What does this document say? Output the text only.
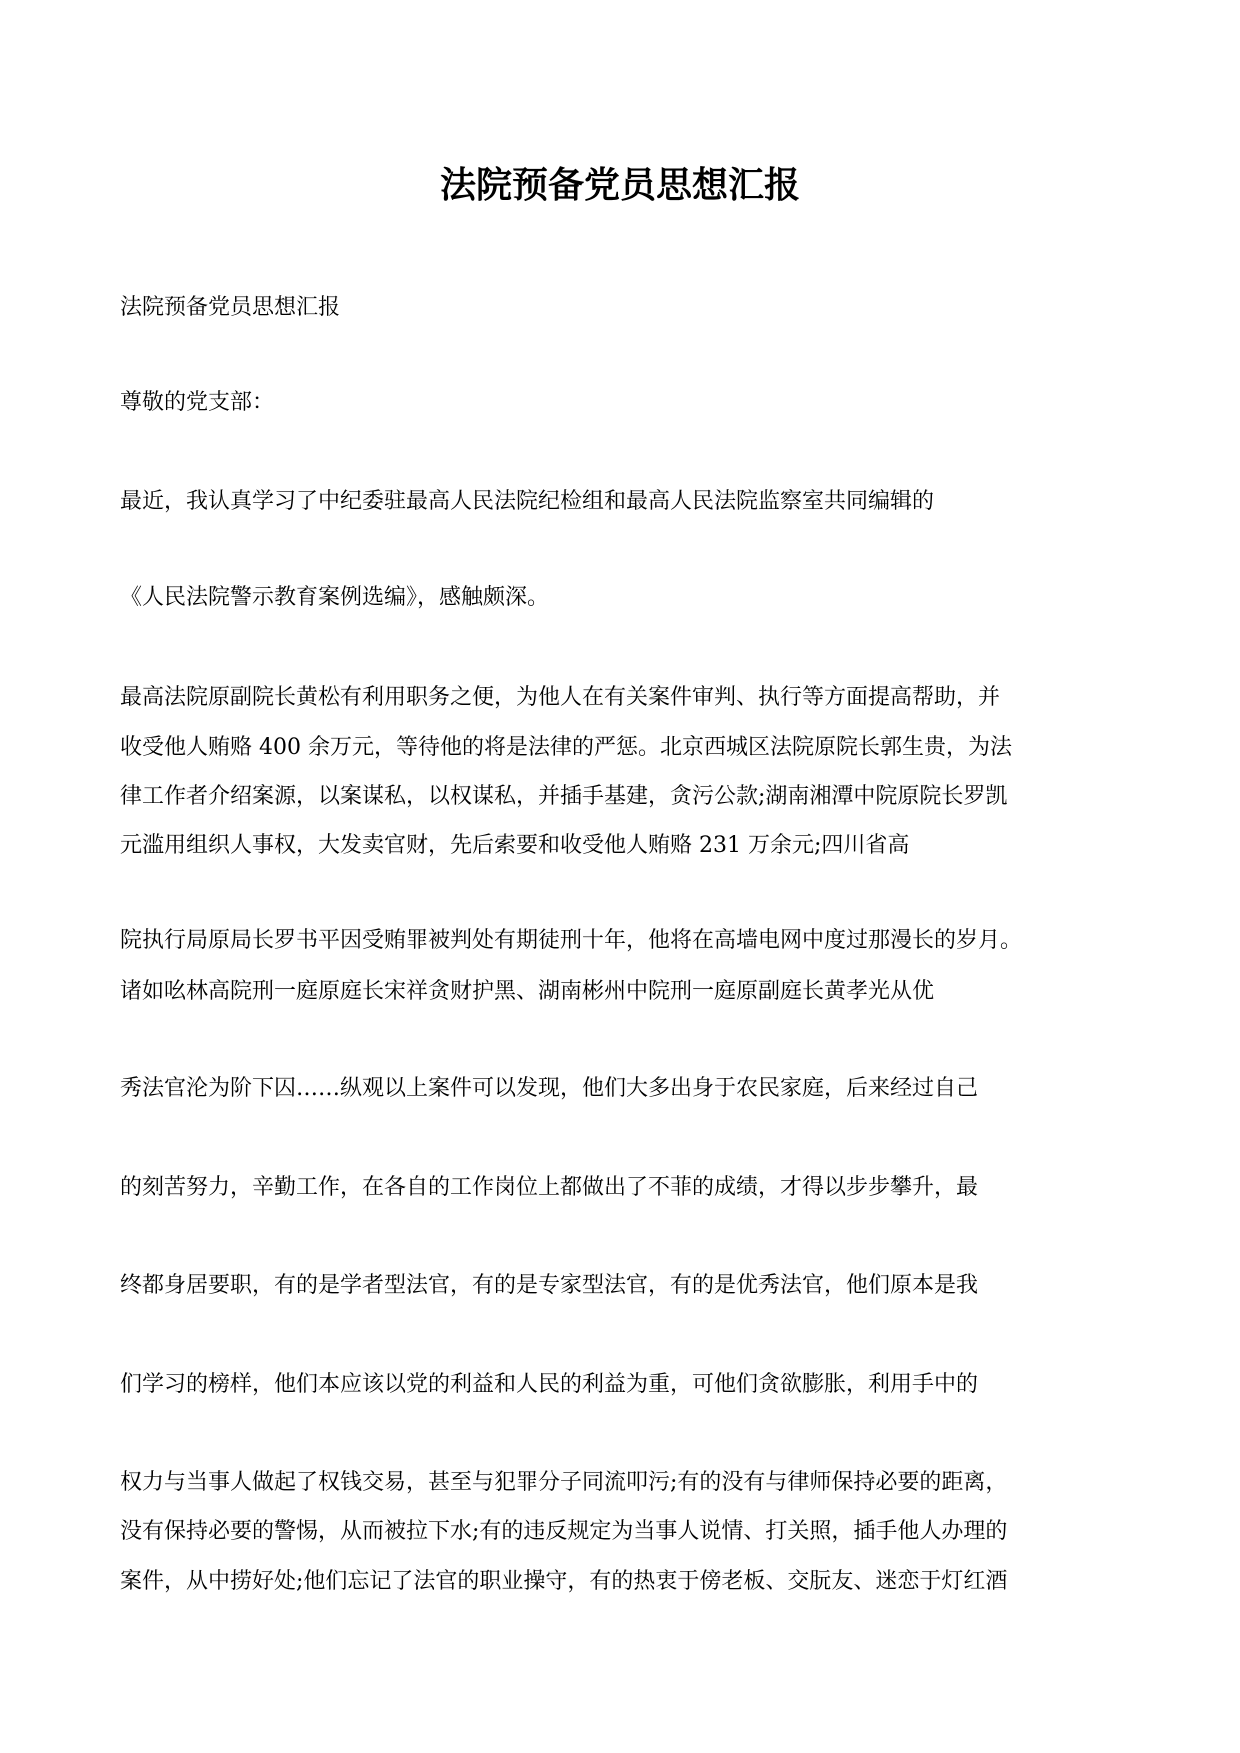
法院预备党员思想汇报

法院预备党员思想汇报

尊敬的党支部：

最近，我认真学习了中纪委驻最高人民法院纪检组和最高人民法院监察室共同编辑的

《人民法院警示教育案例选编》，感触颇深。

最高法院原副院长黄松有利用职务之便，为他人在有关案件审判、执行等方面提高帮助，并

收受他人贿赂 400 余万元，等待他的将是法律的严惩。北京西城区法院原院长郭生贵，为法

律工作者介绍案源，以案谋私，以权谋私，并插手基建，贪污公款;湖南湘潭中院原院长罗凯

元滥用组织人事权，大发卖官财，先后索要和收受他人贿赂 231 万余元;四川省高

院执行局原局长罗书平因受贿罪被判处有期徒刑十年，他将在高墙电网中度过那漫长的岁月。

诸如吆林高院刑一庭原庭长宋祥贪财护黑、湖南彬州中院刑一庭原副庭长黄孝光从优

秀法官沦为阶下囚……纵观以上案件可以发现，他们大多出身于农民家庭，后来经过自己

的刻苦努力，辛勤工作，在各自的工作岗位上都做出了不菲的成绩，才得以步步攀升，最

终都身居要职，有的是学者型法官，有的是专家型法官，有的是优秀法官，他们原本是我

们学习的榜样，他们本应该以党的利益和人民的利益为重，可他们贪欲膨胀，利用手中的

权力与当事人做起了权钱交易，甚至与犯罪分子同流叩污;有的没有与律师保持必要的距离，

没有保持必要的警惕，从而被拉下水;有的违反规定为当事人说情、打关照，插手他人办理的

案件，从中捞好处;他们忘记了法官的职业操守，有的热衷于傍老板、交朊友、迷恋于灯红酒
